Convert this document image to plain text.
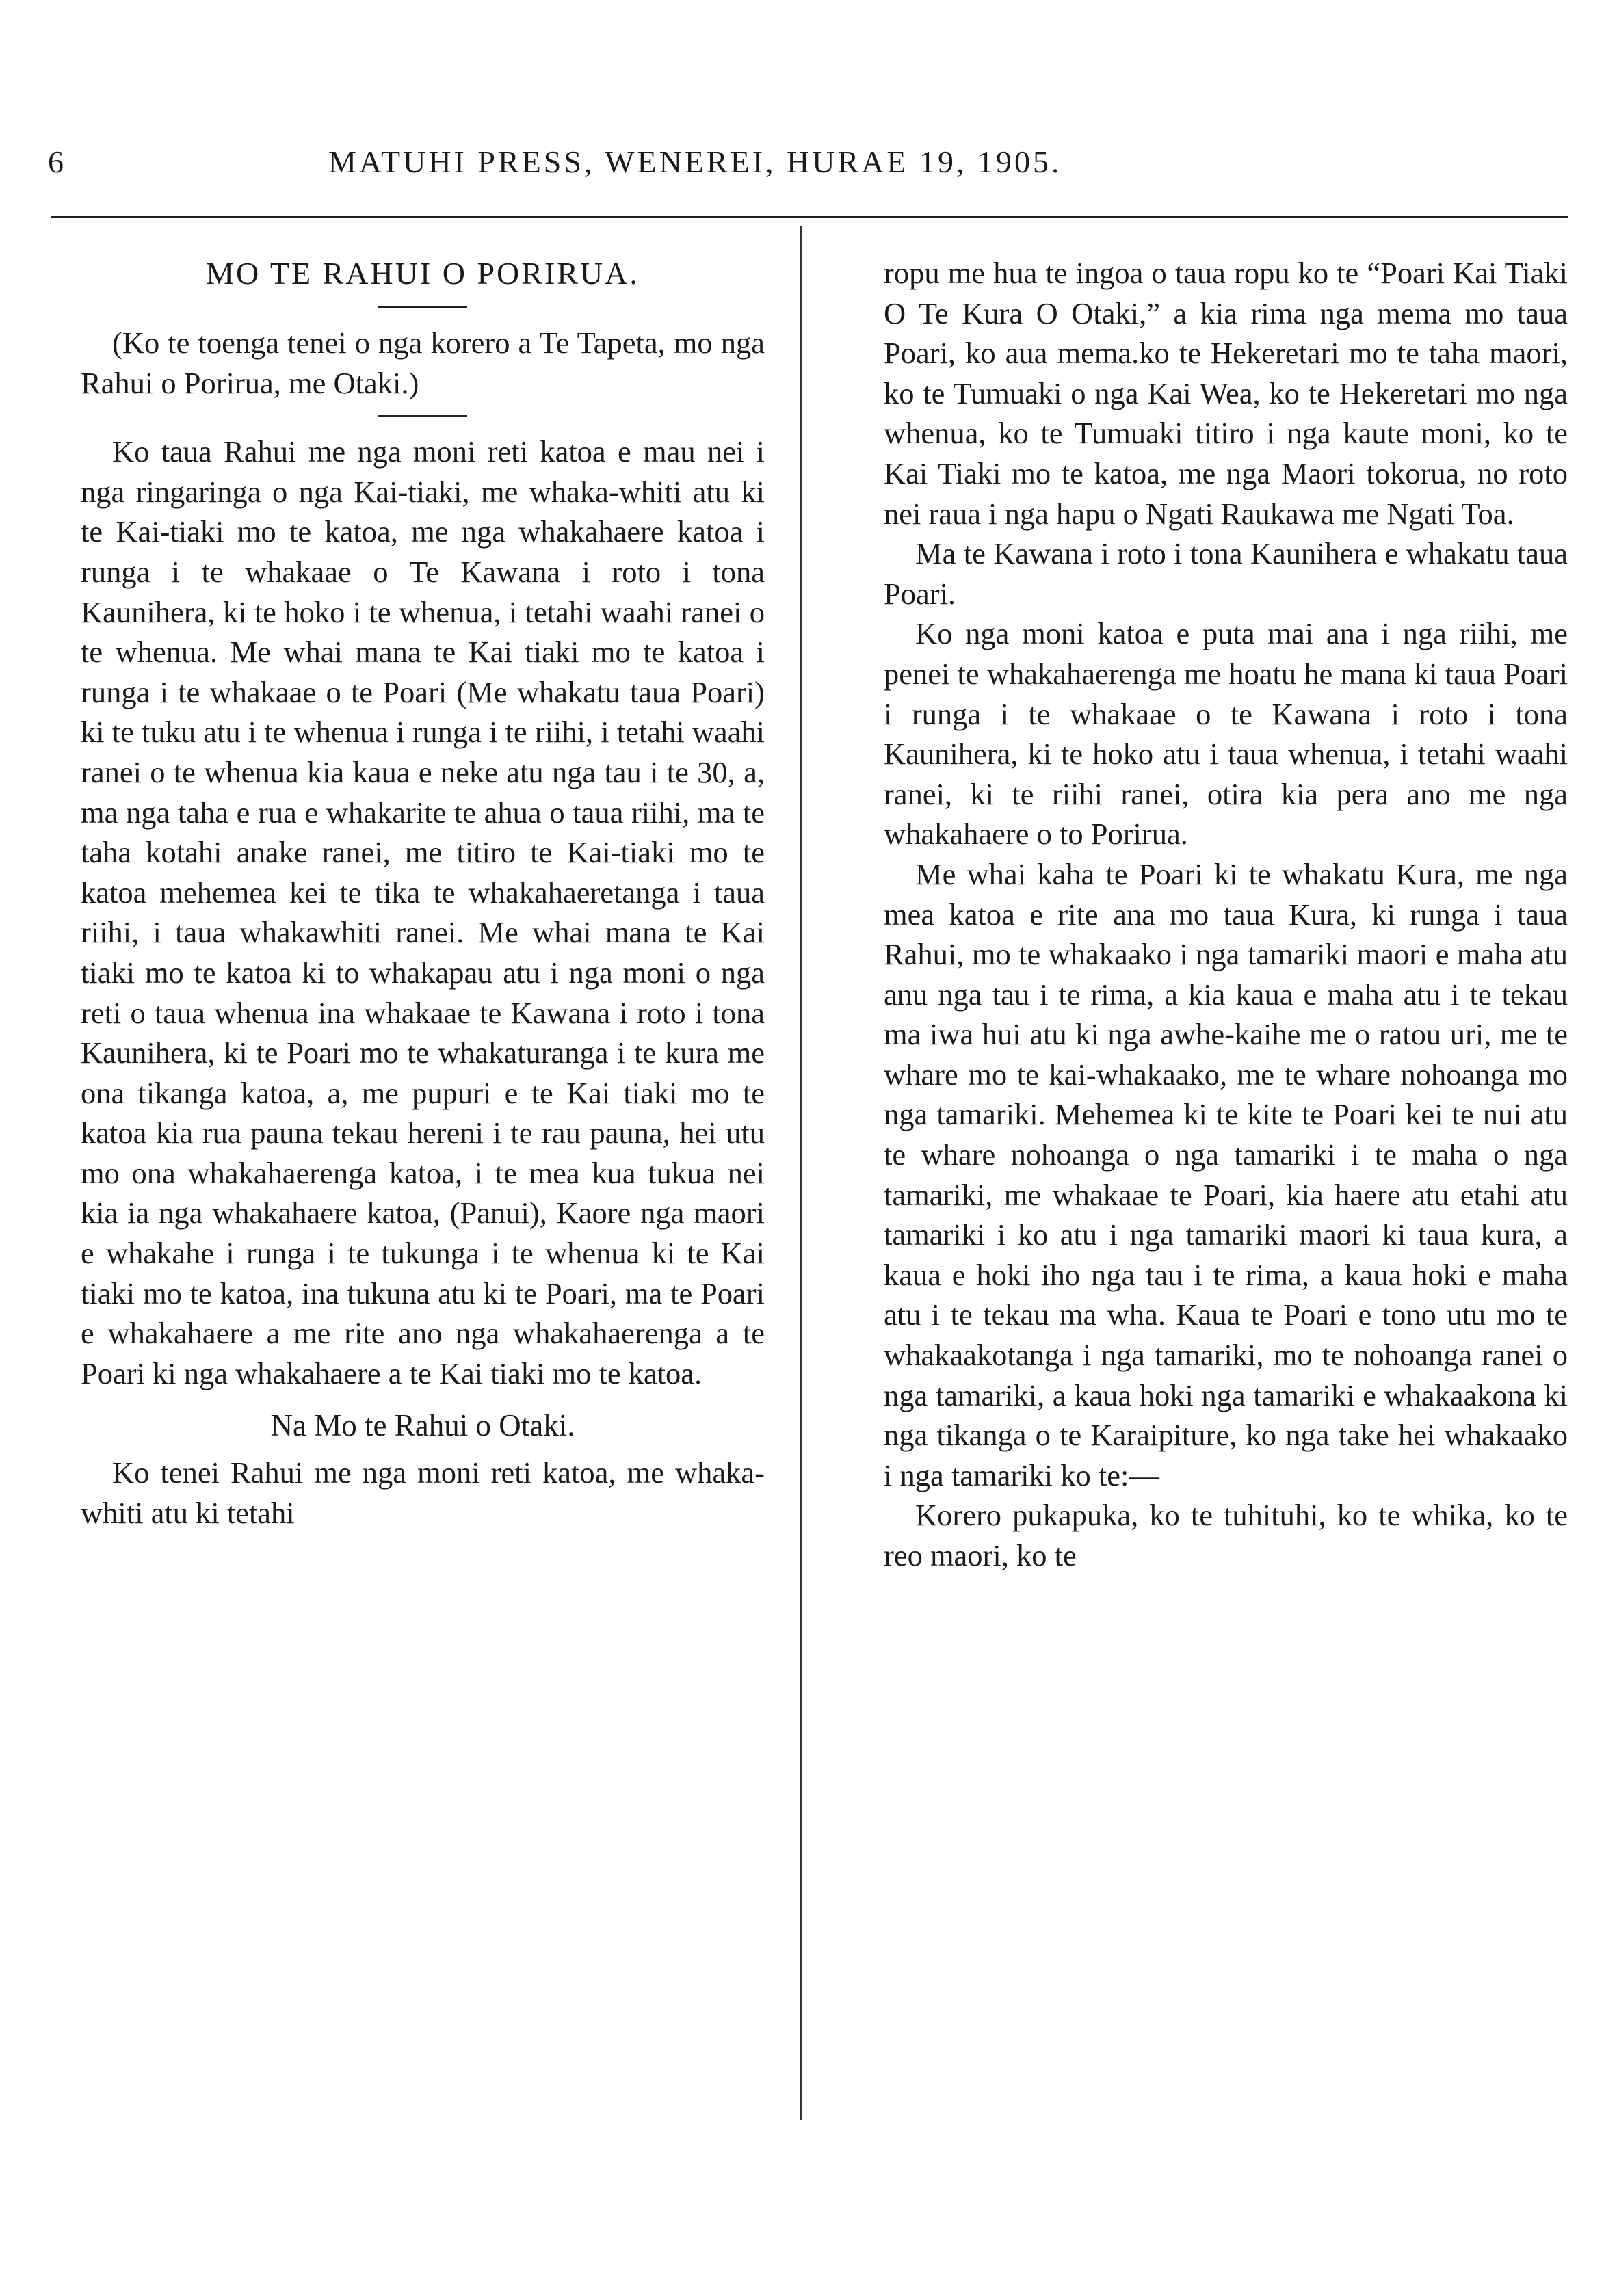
6	MATUHI PRESS, WENEREI, HURAE 19, 1905.
MO TE RAHUI O PORIRUA.

(Ko te toenga tenei o nga korero a Te Tapeta, mo nga Rahui o Porirua, me Otaki.)

Ko taua Rahui me nga moni reti katoa e mau nei i nga ringaringa o nga Kai-tiaki, me whaka-whiti atu ki te Kai-tiaki mo te katoa, me nga whakahaere katoa i runga i te whakaae o Te Kawana i roto i tona Kaunihera, ki te hoko i te whenua, i tetahi waahi ranei o te whenua. Me whai mana te Kai tiaki mo te katoa i runga i te whakaae o te Poari (Me whakatu taua Poari) ki te tuku atu i te whenua i runga i te riihi, i tetahi waahi ranei o te whenua kia kaua e neke atu nga tau i te 30, a, ma nga taha e rua e whakarite te ahua o taua riihi, ma te taha kotahi anake ranei, me titiro te Kai-tiaki mo te katoa mehemea kei te tika te whakahaeretanga i taua riihi, i taua whakawhiti ranei. Me whai mana te Kai tiaki mo te katoa ki to whakapau atu i nga moni o nga reti o taua whenua ina whakaae te Kawana i roto i tona Kaunihera, ki te Poari mo te whakaturanga i te kura me ona tikanga katoa, a, me pupuri e te Kai tiaki mo te katoa kia rua pauna tekau hereni i te rau pauna, hei utu mo ona whakahaerenga katoa, i te mea kua tukua nei kia ia nga whakahaere katoa, (Panui), Kaore nga maori e whakahe i runga i te tukunga i te whenua ki te Kai tiaki mo te katoa, ina tukuna atu ki te Poari, ma te Poari e whakahaere a me rite ano nga whakahaerenga a te Poari ki nga whakahaere a te Kai tiaki mo te katoa.

Na Mo te Rahui o Otaki.

Ko tenei Rahui me nga moni reti katoa, me whaka-whiti atu ki tetahi

ropu me hua te ingoa o taua ropu ko te “Poari Kai Tiaki O Te Kura O Otaki,” a kia rima nga mema mo taua Poari, ko aua mema.ko te Hekeretari mo te taha maori, ko te Tumuaki o nga Kai Wea, ko te Hekeretari mo nga whenua, ko te Tumuaki titiro i nga kaute moni, ko te Kai Tiaki mo te katoa, me nga Maori tokorua, no roto nei raua i nga hapu o Ngati Raukawa me Ngati Toa.

Ma te Kawana i roto i tona Kaunihera e whakatu taua Poari.

Ko nga moni katoa e puta mai ana i nga riihi, me penei te whakahaerenga me hoatu he mana ki taua Poari i runga i te whakaae o te Kawana i roto i tona Kaunihera, ki te hoko atu i taua whenua, i tetahi waahi ranei, ki te riihi ranei, otira kia pera ano me nga whakahaere o to Porirua.

Me whai kaha te Poari ki te whakatu Kura, me nga mea katoa e rite ana mo taua Kura, ki runga i taua Rahui, mo te whakaako i nga tamariki maori e maha atu anu nga tau i te rima, a kia kaua e maha atu i te tekau ma iwa hui atu ki nga awhe-kaihe me o ratou uri, me te whare mo te kai-whakaako, me te whare nohoanga mo nga tamariki. Mehemea ki te kite te Poari kei te nui atu te whare nohoanga o nga tamariki i te maha o nga tamariki, me whakaae te Poari, kia haere atu etahi atu tamariki i ko atu i nga tamariki maori ki taua kura, a kaua e hoki iho nga tau i te rima, a kaua hoki e maha atu i te tekau ma wha. Kaua te Poari e tono utu mo te whakaakotanga i nga tamariki, mo te nohoanga ranei o nga tamariki, a kaua hoki nga tamariki e whakaakona ki nga tikanga o te Karaipiture, ko nga take hei whakaako i nga tamariki ko te:—

Korero pukapuka, ko te tuhituhi, ko te whika, ko te reo maori, ko te
